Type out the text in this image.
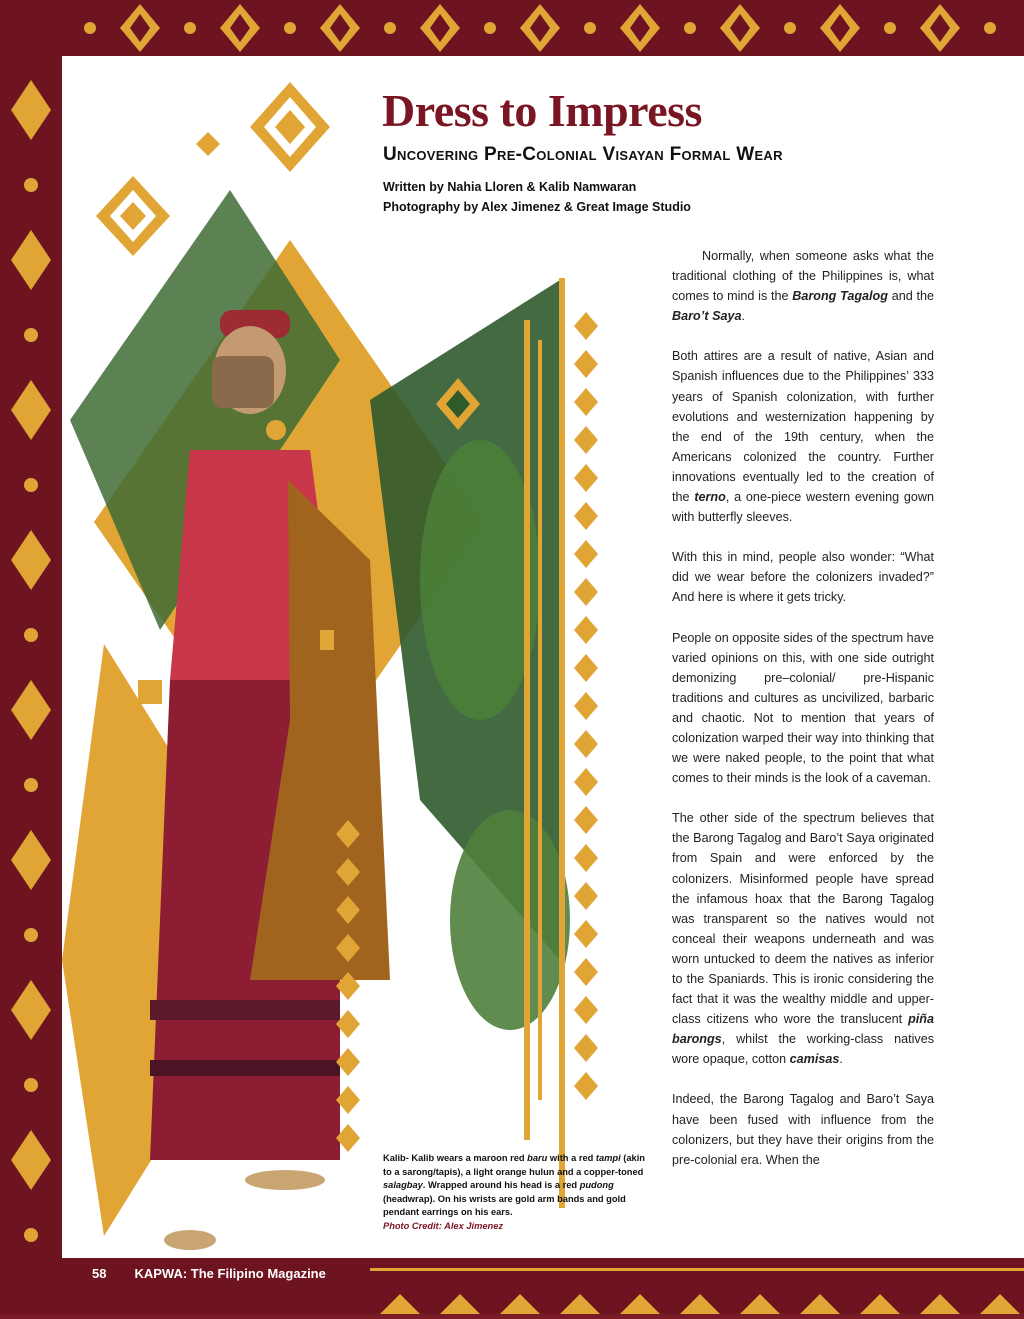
Dress to Impress
Uncovering Pre-Colonial Visayan Formal Wear
Written by Nahia Lloren & Kalib Namwaran
Photography by Alex Jimenez & Great Image Studio

Normally, when someone asks what the traditional clothing of the Philippines is, what comes to mind is the Barong Tagalog and the Baro’t Saya.

Both attires are a result of native, Asian and Spanish influences due to the Philippines’ 333 years of Spanish colonization, with further evolutions and westernization happening by the end of the 19th century, when the Americans colonized the country. Further innovations eventually led to the creation of the terno, a one-piece western evening gown with butterfly sleeves.

With this in mind, people also wonder: “What did we wear before the colonizers invaded?” And here is where it gets tricky.

People on opposite sides of the spectrum have varied opinions on this, with one side outright demonizing pre–colonial/ pre-Hispanic traditions and cultures as uncivilized, barbaric and chaotic. Not to mention that years of colonization warped their way into thinking that we were naked people, to the point that what comes to their minds is the look of a caveman.

The other side of the spectrum believes that the Barong Tagalog and Baro’t Saya originated from Spain and were enforced by the colonizers. Misinformed people have spread the infamous hoax that the Barong Tagalog was transparent so the natives would not conceal their weapons underneath and was worn untucked to deem the natives as inferior to the Spaniards. This is ironic considering the fact that it was the wealthy middle and upper-class citizens who wore the translucent piña barongs, whilst the working-class natives wore opaque, cotton camisas.

Indeed, the Barong Tagalog and Baro’t Saya have been fused with influence from the colonizers, but they have their origins from the pre-colonial era. When the

Kalib- Kalib wears a maroon red baru with a red tampi (akin to a sarong/tapis), a light orange hulun and a copper-toned salagbay. Wrapped around his head is a red pudong (headwrap). On his wrists are gold arm bands and gold pendant earrings on his ears.
Photo Credit: Alex Jimenez
58 KAPWA: The Filipino Magazine
